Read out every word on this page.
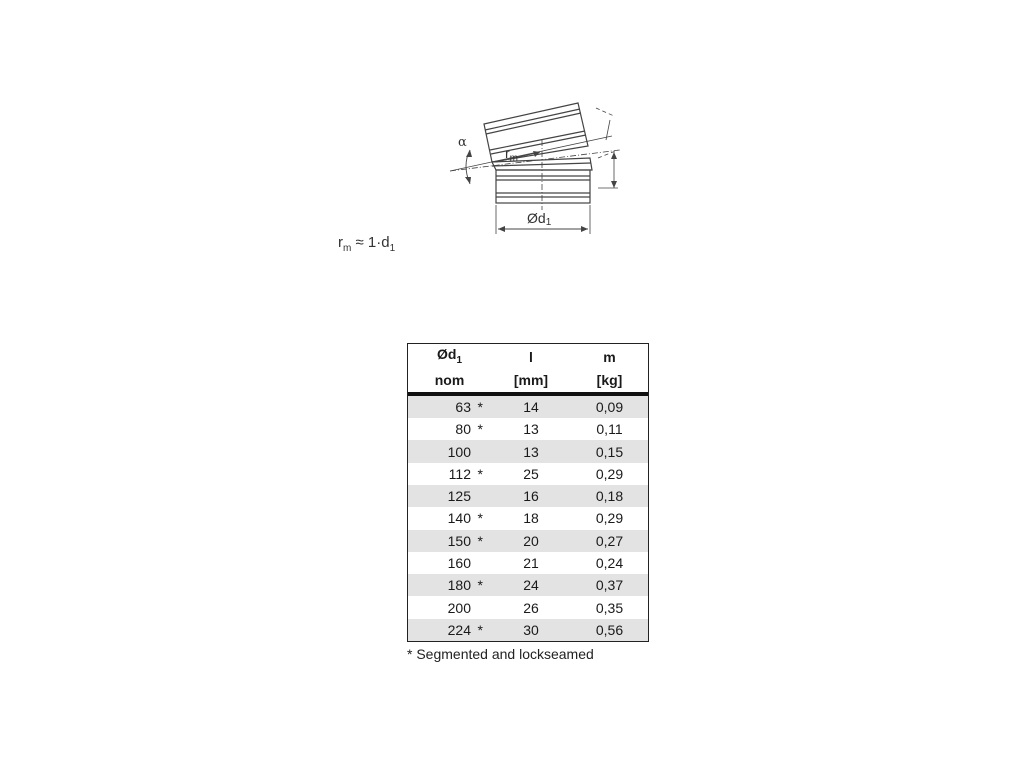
α
$r_m$
Ød1
$r_m \approx 1\cdot d_1$
$Ød_1$	l	m
nom	[mm]	[kg]
63 *	14	0,09
80 *	13	0,11
100	13	0,15
112 *	25	0,29
125	16	0,18
140 *	18	0,29
150 *	20	0,27
160	21	0,24
180 *	24	0,37
200	26	0,35
224 *	30	0,56
* Segmented and lockseamed
